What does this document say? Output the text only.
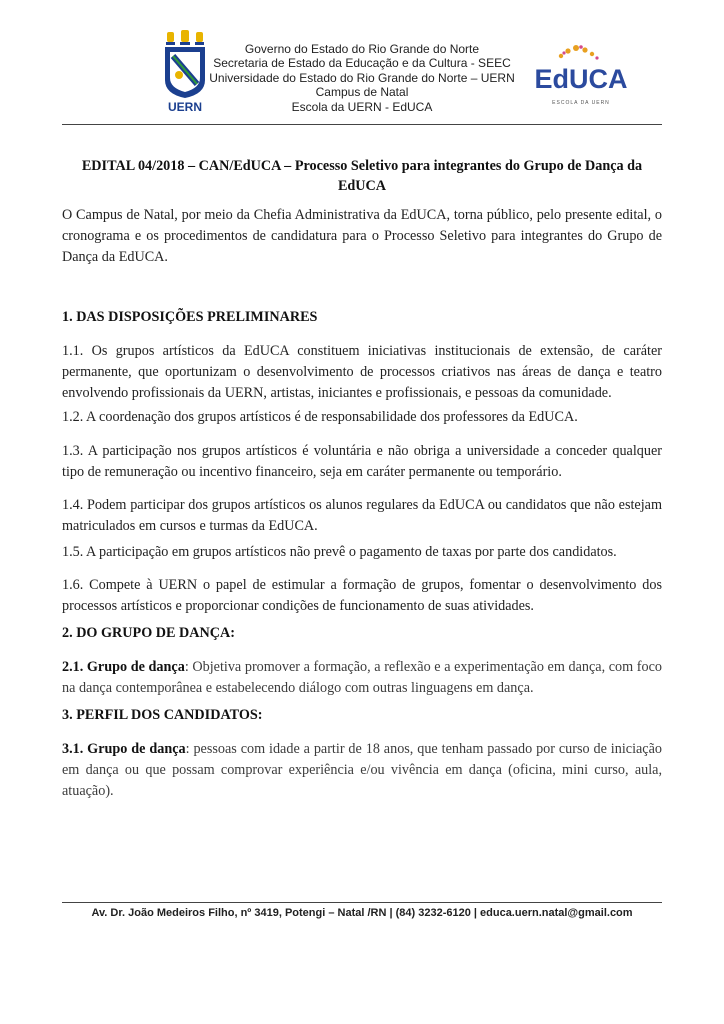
UERN
Governo do Estado do Rio Grande do Norte
Secretaria de Estado da Educação e da Cultura - SEEC
Universidade do Estado do Rio Grande do Norte – UERN
Campus de Natal
Escola da UERN - EdUCA
EdUCA
ESCOLA DA UERN
EDITAL 04/2018 – CAN/EdUCA – Processo Seletivo para integrantes do Grupo de Dança da EdUCA

O Campus de Natal, por meio da Chefia Administrativa da EdUCA, torna público, pelo presente edital, o cronograma e os procedimentos de candidatura para o Processo Seletivo para integrantes do Grupo de Dança da EdUCA.

1. DAS DISPOSIÇÕES PRELIMINARES

1.1. Os grupos artísticos da EdUCA constituem iniciativas institucionais de extensão, de caráter permanente, que oportunizam o desenvolvimento de processos criativos nas áreas de dança e teatro envolvendo profissionais da UERN, artistas, iniciantes e profissionais, e pessoas da comunidade.

1.2. A coordenação dos grupos artísticos é de responsabilidade dos professores da EdUCA.

1.3. A participação nos grupos artísticos é voluntária e não obriga a universidade a conceder qualquer tipo de remuneração ou incentivo financeiro, seja em caráter permanente ou temporário.

1.4. Podem participar dos grupos artísticos os alunos regulares da EdUCA ou candidatos que não estejam matriculados em cursos e turmas da EdUCA.

1.5. A participação em grupos artísticos não prevê o pagamento de taxas por parte dos candidatos.

1.6. Compete à UERN o papel de estimular a formação de grupos, fomentar o desenvolvimento dos processos artísticos e proporcionar condições de funcionamento de suas atividades.

2. DO GRUPO DE DANÇA:

2.1. Grupo de dança: Objetiva promover a formação, a reflexão e a experimentação em dança, com foco na dança contemporânea e estabelecendo diálogo com outras linguagens em dança.

3. PERFIL DOS CANDIDATOS:

3.1. Grupo de dança: pessoas com idade a partir de 18 anos, que tenham passado por curso de iniciação em dança ou que possam comprovar experiência e/ou vivência em dança (oficina, mini curso, aula, atuação).

Av. Dr. João Medeiros Filho, nº 3419, Potengi – Natal /RN | (84) 3232-6120 | educa.uern.natal@gmail.com
